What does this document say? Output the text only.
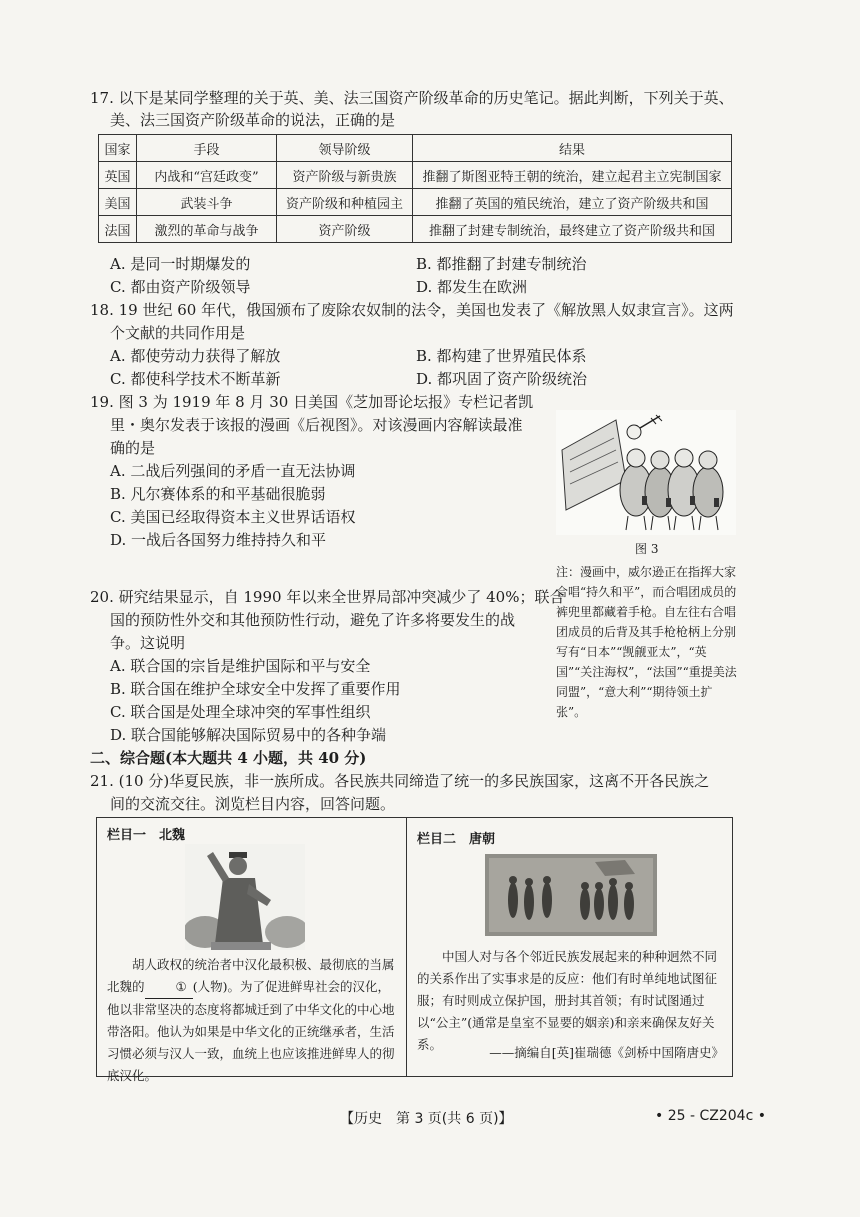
17. 以下是某同学整理的关于英、美、法三国资产阶级革命的历史笔记。据此判断，下列关于英、
美、法三国资产阶级革命的说法，正确的是
国家	手段	领导阶级	结果
英国	内战和“宫廷政变”	资产阶级与新贵族	推翻了斯图亚特王朝的统治，建立起君主立宪制国家
美国	武装斗争	资产阶级和种植园主	推翻了英国的殖民统治，建立了资产阶级共和国
法国	激烈的革命与战争	资产阶级	推翻了封建专制统治，最终建立了资产阶级共和国
A. 是同一时期爆发的	B. 都推翻了封建专制统治
C. 都由资产阶级领导	D. 都发生在欧洲
18. 19 世纪 60 年代，俄国颁布了废除农奴制的法令，美国也发表了《解放黑人奴隶宣言》。这两
个文献的共同作用是
A. 都使劳动力获得了解放	B. 都构建了世界殖民体系
C. 都使科学技术不断革新	D. 都巩固了资产阶级统治
19. 图 3 为 1919 年 8 月 30 日美国《芝加哥论坛报》专栏记者凯
里・奥尔发表于该报的漫画《后视图》。对该漫画内容解读最准
确的是
A. 二战后列强间的矛盾一直无法协调
B. 凡尔赛体系的和平基础很脆弱
C. 美国已经取得资本主义世界话语权
D. 一战后各国努力维持持久和平	图 3
注：漫画中，威尔逊正在指挥大家合唱“持久和平”，而合唱团成员的裤兜里都藏着手枪。自左往右合唱团成员的后背及其手枪枪柄上分别写有“日本”“觊觎亚太”，“英国”“关注海权”，“法国”“重提美法同盟”，“意大利”“期待领土扩张”。
20. 研究结果显示，自 1990 年以来全世界局部冲突减少了 40%；联合
国的预防性外交和其他预防性行动，避免了许多将要发生的战
争。这说明
A. 联合国的宗旨是维护国际和平与安全
B. 联合国在维护全球安全中发挥了重要作用
C. 联合国是处理全球冲突的军事性组织
D. 联合国能够解决国际贸易中的各种争端
二、综合题(本大题共 4 小题，共 40 分)
21. (10 分)华夏民族，非一族所成。各民族共同缔造了统一的多民族国家，这离不开各民族之
间的交流交往。浏览栏目内容，回答问题。
栏目一　北魏
胡人政权的统治者中汉化最积极、最彻底的当属北魏的 ① (人物)。为了促进鲜卑社会的汉化，他以非常坚决的态度将都城迁到了中华文化的中心地带洛阳。他认为如果是中华文化的正统继承者，生活习惯必须与汉人一致，血统上也应该推进鲜卑人的彻底汉化。
栏目二　唐朝
中国人对与各个邻近民族发展起来的种种迥然不同的关系作出了实事求是的反应：他们有时单纯地试图征服；有时则成立保护国，册封其首领；有时试图通过以“公主”(通常是皇室不显要的姻亲)和亲来确保友好关系。
——摘编自[英]崔瑞德《剑桥中国隋唐史》
【历史　第 3 页(共 6 页)】	• 25 - CZ204c •
